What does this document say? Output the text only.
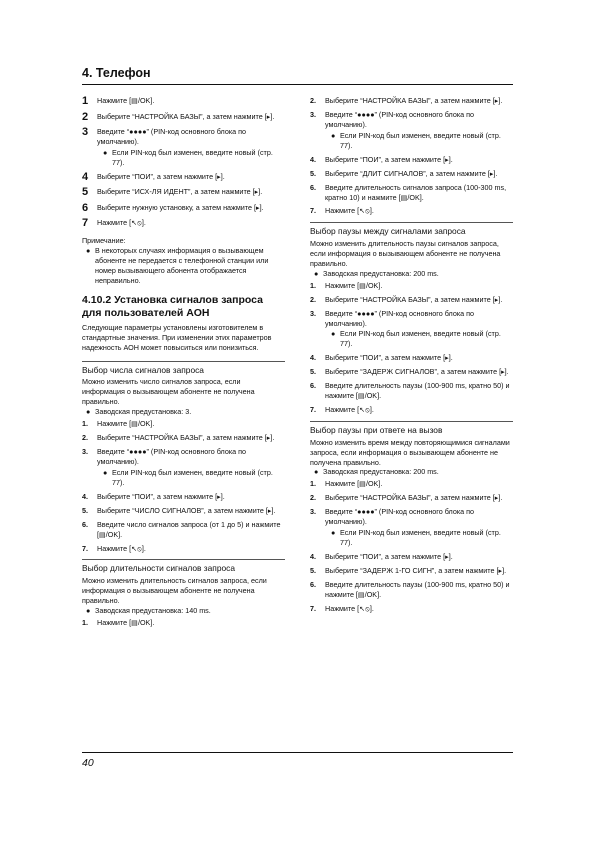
4. Телефон
1	Нажмите [▤/OK].
2	Выберите “НАСТРОЙКА БАЗЫ”, а затем нажмите [▸].
3	Введите “●●●●” (PIN-код основного блока по умолчанию).
● Если PIN-код был изменен, введите новый (стр. 77).
4	Выберите “ПОИ”, а затем нажмите [▸].
5	Выберите “ИСХ-ЛЯ ИДЕНТ”, а затем нажмите [▸].
6	Выберите нужную установку, а затем нажмите [▸].
7	Нажмите [↖⦸].
Примечание:
● В некоторых случаях информация о вызывающем абоненте не передается с телефонной станции или номер вызывающего абонента отображается неправильно.
4.10.2 Установка сигналов запроса для пользователей АОН
Следующие параметры установлены изготовителем в стандартные значения. При изменении этих параметров надежность АОН может повыситься или понизиться.
Выбор числа сигналов запроса
Можно изменить число сигналов запроса, если информация о вызывающем абоненте не получена правильно.
● Заводская предустановка: 3.
1.	Нажмите [▤/OK].
2.	Выберите “НАСТРОЙКА БАЗЫ”, а затем нажмите [▸].
3.	Введите “●●●●” (PIN-код основного блока по умолчанию).
● Если PIN-код был изменен, введите новый (стр. 77).
4.	Выберите “ПОИ”, а затем нажмите [▸].
5.	Выберите “ЧИСЛО СИГНАЛОВ”, а затем нажмите [▸].
6.	Введите число сигналов запроса (от 1 до 5) и нажмите [▤/OK].
7.	Нажмите [↖⦸].
Выбор длительности сигналов запроса
Можно изменить длительность сигналов запроса, если информация о вызывающем абоненте не получена правильно.
● Заводская предустановка: 140 ms.
1.	Нажмите [▤/OK].
2.	Выберите “НАСТРОЙКА БАЗЫ”, а затем нажмите [▸].
3.	Введите “●●●●” (PIN-код основного блока по умолчанию).
● Если PIN-код был изменен, введите новый (стр. 77).
4.	Выберите “ПОИ”, а затем нажмите [▸].
5.	Выберите “ДЛИТ СИГНАЛОВ”, а затем нажмите [▸].
6.	Введите длительность сигналов запроса (100-300 ms, кратно 10) и нажмите [▤/OK].
7.	Нажмите [↖⦸].
Выбор паузы между сигналами запроса
Можно изменить длительность паузы сигналов запроса, если информация о вызывающем абоненте не получена правильно.
● Заводская предустановка: 200 ms.
1.	Нажмите [▤/OK].
2.	Выберите “НАСТРОЙКА БАЗЫ”, а затем нажмите [▸].
3.	Введите “●●●●” (PIN-код основного блока по умолчанию).
● Если PIN-код был изменен, введите новый (стр. 77).
4.	Выберите “ПОИ”, а затем нажмите [▸].
5.	Выберите “ЗАДЕРЖ СИГНАЛОВ”, а затем нажмите [▸].
6.	Введите длительность паузы (100-900 ms, кратно 50) и нажмите [▤/OK].
7.	Нажмите [↖⦸].
Выбор паузы при ответе на вызов
Можно изменить время между повторяющимися сигналами запроса, если информация о вызывающем абоненте не получена правильно.
● Заводская предустановка: 200 ms.
1.	Нажмите [▤/OK].
2.	Выберите “НАСТРОЙКА БАЗЫ”, а затем нажмите [▸].
3.	Введите “●●●●” (PIN-код основного блока по умолчанию).
● Если PIN-код был изменен, введите новый (стр. 77).
4.	Выберите “ПОИ”, а затем нажмите [▸].
5.	Выберите “ЗАДЕРЖ 1-ГО СИГН”, а затем нажмите [▸].
6.	Введите длительность паузы (100-900 ms, кратно 50) и нажмите [▤/OK].
7.	Нажмите [↖⦸].
40
